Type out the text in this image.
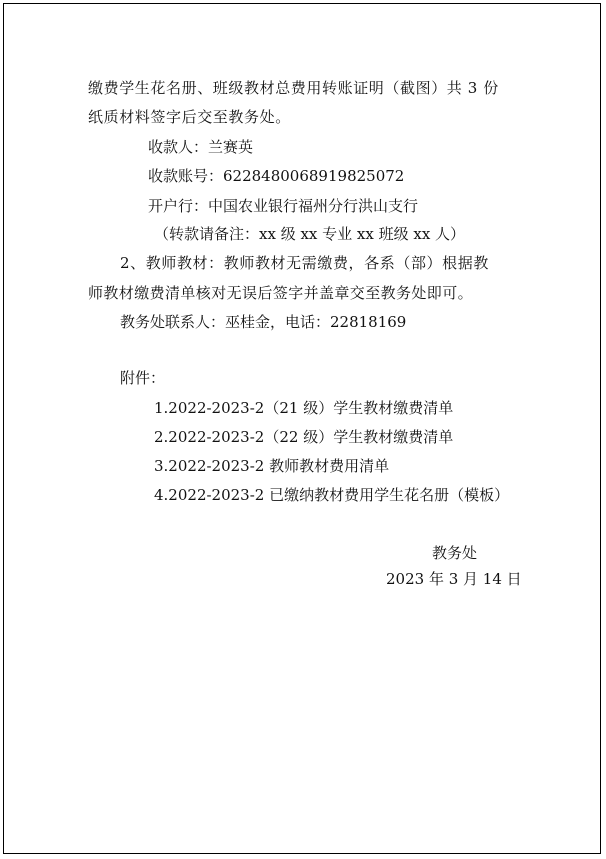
缴费学生花名册、班级教材总费用转账证明（截图）共 3 份
纸质材料签字后交至教务处。
收款人：兰赛英
收款账号：6228480068919825072
开户行：中国农业银行福州分行洪山支行
（转款请备注：xx 级 xx 专业 xx 班级 xx 人）
2、教师教材：教师教材无需缴费，各系（部）根据教
师教材缴费清单核对无误后签字并盖章交至教务处即可。
教务处联系人：巫桂金，电话：22818169
附件：
1.2022-2023-2（21 级）学生教材缴费清单
2.2022-2023-2（22 级）学生教材缴费清单
3.2022-2023-2 教师教材费用清单
4.2022-2023-2 已缴纳教材费用学生花名册（模板）
教务处
2023 年 3 月 14 日
